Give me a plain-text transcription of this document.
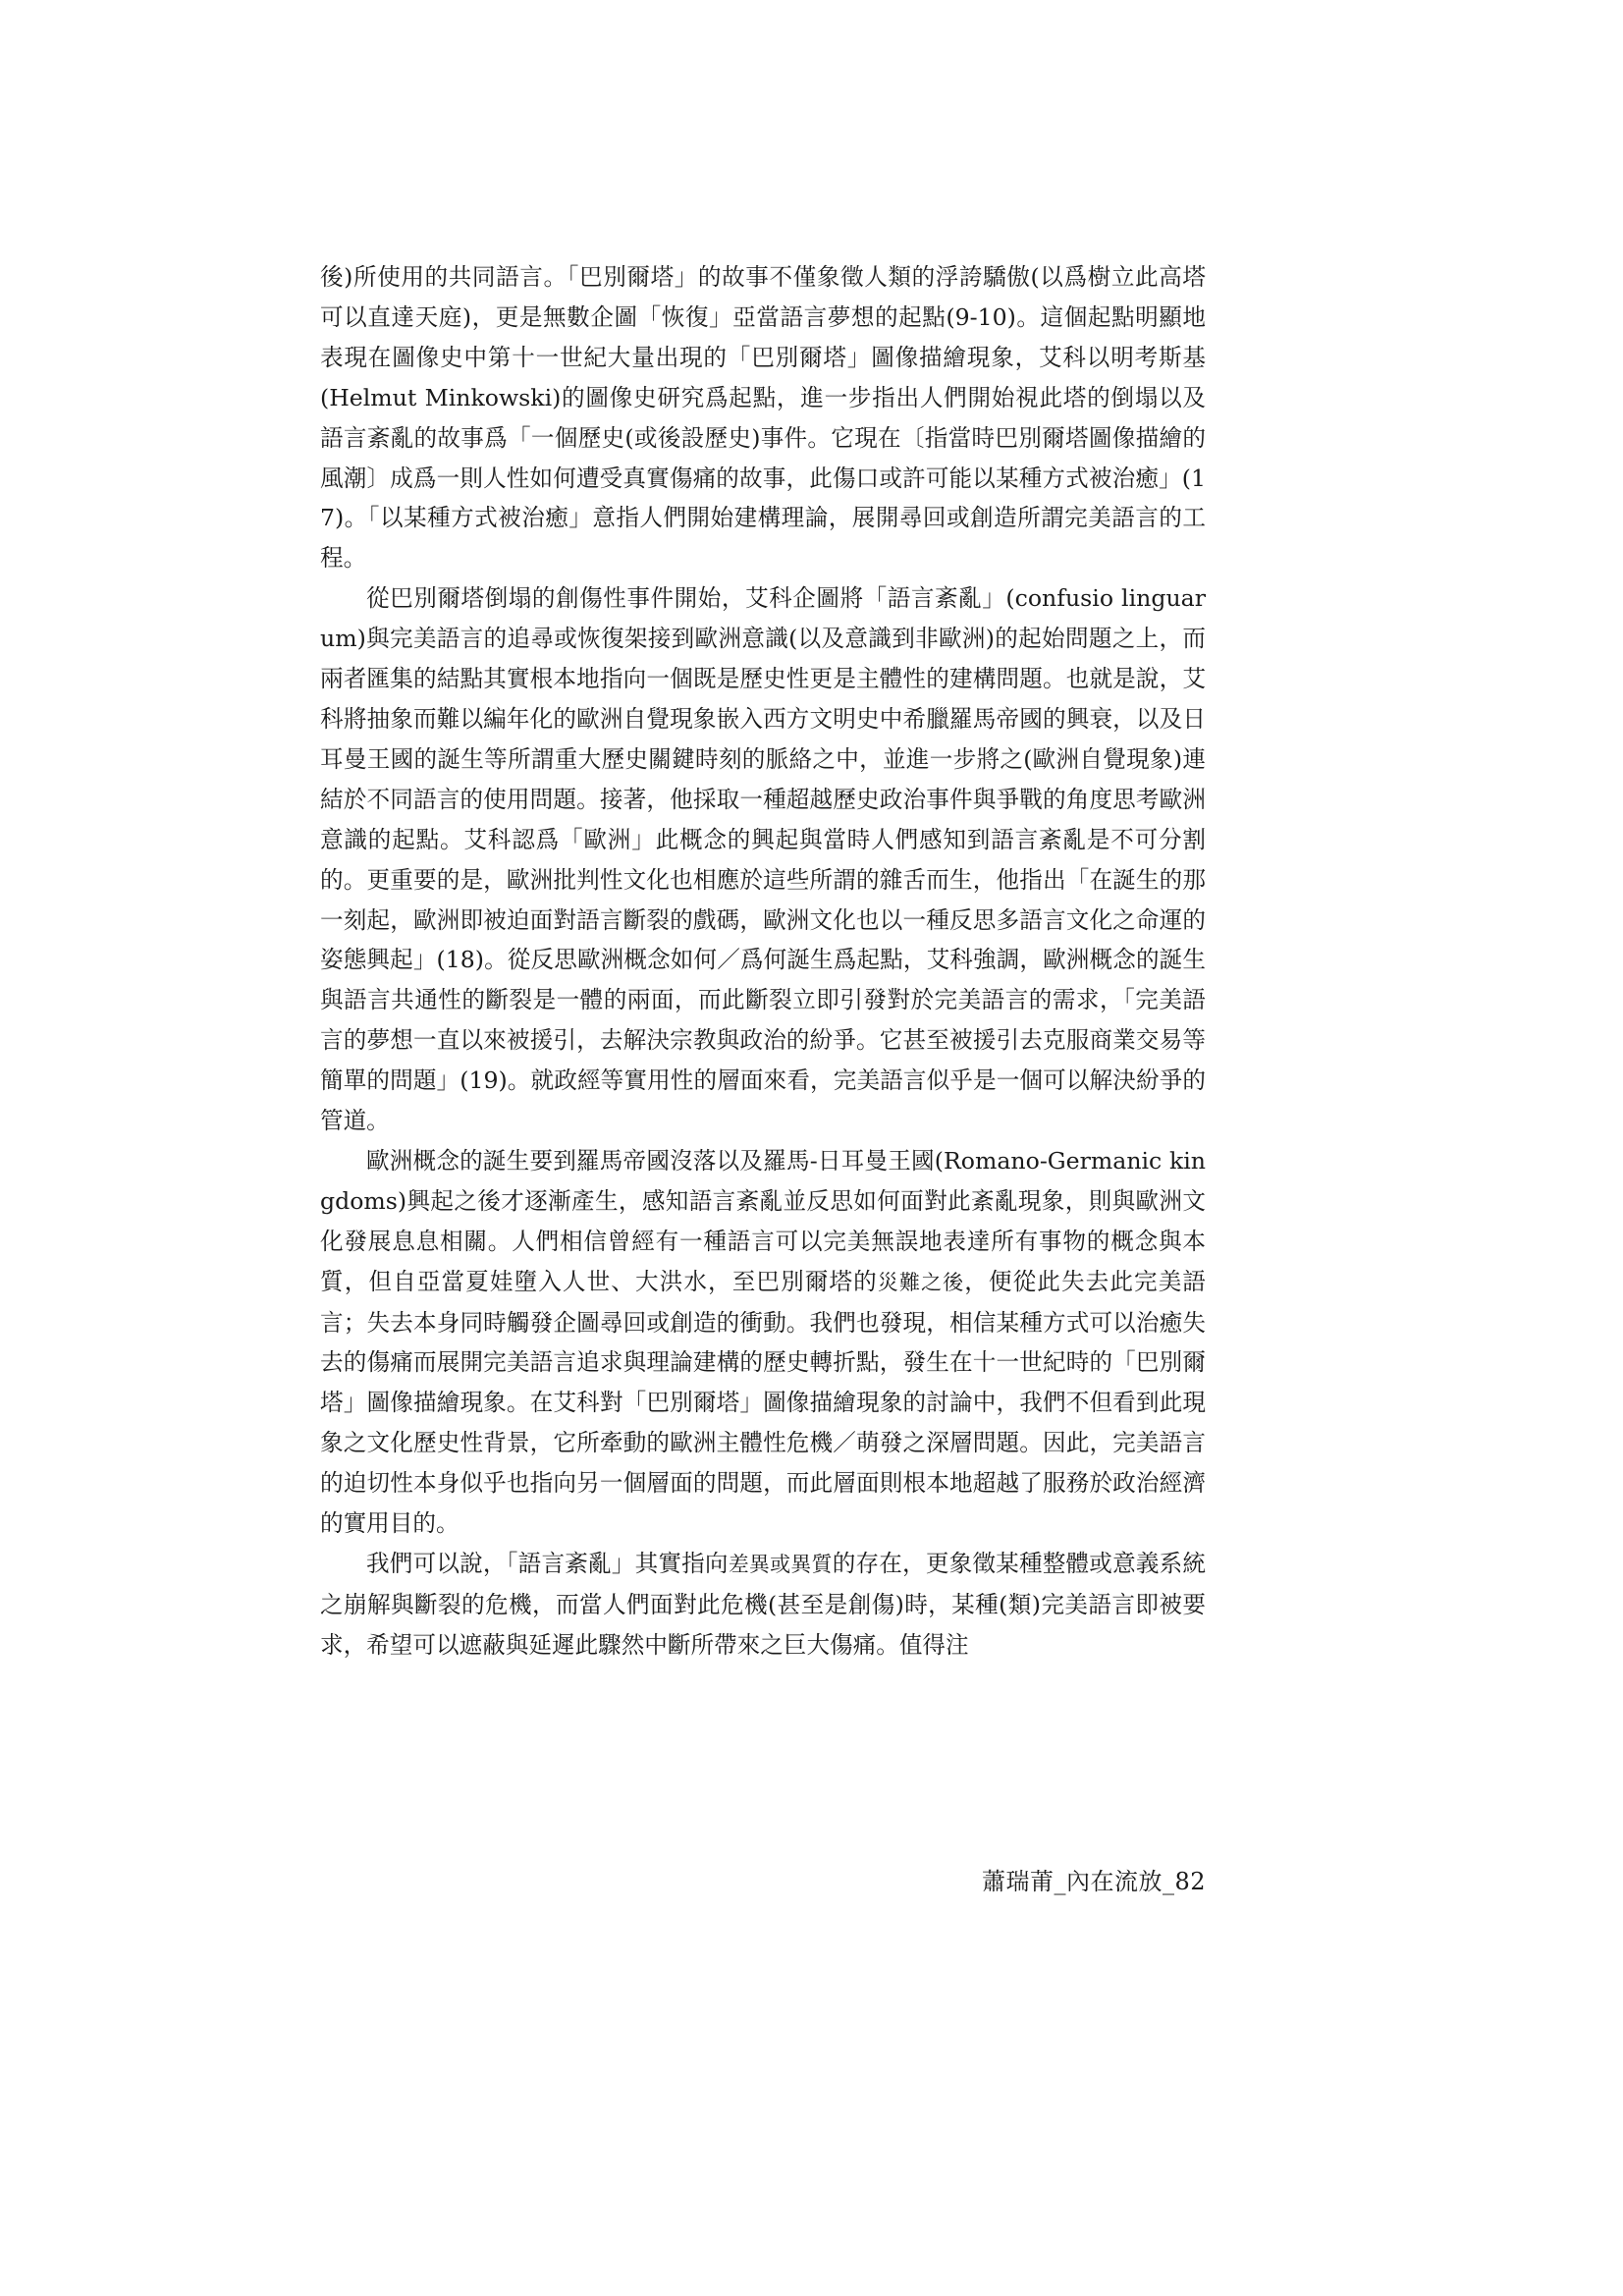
後)所使用的共同語言。「巴別爾塔」的故事不僅象徵人類的浮誇驕傲(以爲樹立此高塔可以直達天庭)，更是無數企圖「恢復」亞當語言夢想的起點(9-10)。這個起點明顯地表現在圖像史中第十一世紀大量出現的「巴別爾塔」圖像描繪現象，艾科以明考斯基(Helmut Minkowski)的圖像史研究爲起點，進一步指出人們開始視此塔的倒塌以及語言紊亂的故事爲「一個歷史(或後設歷史)事件。它現在〔指當時巴別爾塔圖像描繪的風潮〕成爲一則人性如何遭受真實傷痛的故事，此傷口或許可能以某種方式被治癒」(17)。「以某種方式被治癒」意指人們開始建構理論，展開尋回或創造所謂完美語言的工程。

從巴別爾塔倒塌的創傷性事件開始，艾科企圖將「語言紊亂」(confusio linguarum)與完美語言的追尋或恢復架接到歐洲意識(以及意識到非歐洲)的起始問題之上，而兩者匯集的結點其實根本地指向一個既是歷史性更是主體性的建構問題。也就是說，艾科將抽象而難以編年化的歐洲自覺現象嵌入西方文明史中希臘羅馬帝國的興衰，以及日耳曼王國的誕生等所謂重大歷史關鍵時刻的脈絡之中，並進一步將之(歐洲自覺現象)連結於不同語言的使用問題。接著，他採取一種超越歷史政治事件與爭戰的角度思考歐洲意識的起點。艾科認爲「歐洲」此概念的興起與當時人們感知到語言紊亂是不可分割的。更重要的是，歐洲批判性文化也相應於這些所謂的雜舌而生，他指出「在誕生的那一刻起，歐洲即被迫面對語言斷裂的戲碼，歐洲文化也以一種反思多語言文化之命運的姿態興起」(18)。從反思歐洲概念如何／爲何誕生爲起點，艾科強調，歐洲概念的誕生與語言共通性的斷裂是一體的兩面，而此斷裂立即引發對於完美語言的需求，「完美語言的夢想一直以來被援引，去解決宗教與政治的紛爭。它甚至被援引去克服商業交易等簡單的問題」(19)。就政經等實用性的層面來看，完美語言似乎是一個可以解決紛爭的管道。

歐洲概念的誕生要到羅馬帝國沒落以及羅馬-日耳曼王國(Romano-Germanic kingdoms)興起之後才逐漸產生，感知語言紊亂並反思如何面對此紊亂現象，則與歐洲文化發展息息相關。人們相信曾經有一種語言可以完美無誤地表達所有事物的概念與本質，但自亞當夏娃墮入人世、大洪水，至巴別爾塔的災難之後，便從此失去此完美語言；失去本身同時觸發企圖尋回或創造的衝動。我們也發現，相信某種方式可以治癒失去的傷痛而展開完美語言追求與理論建構的歷史轉折點，發生在十一世紀時的「巴別爾塔」圖像描繪現象。在艾科對「巴別爾塔」圖像描繪現象的討論中，我們不但看到此現象之文化歷史性背景，它所牽動的歐洲主體性危機／萌發之深層問題。因此，完美語言的迫切性本身似乎也指向另一個層面的問題，而此層面則根本地超越了服務於政治經濟的實用目的。

我們可以說，「語言紊亂」其實指向差異或異質的存在，更象徵某種整體或意義系統之崩解與斷裂的危機，而當人們面對此危機(甚至是創傷)時，某種(類)完美語言即被要求，希望可以遮蔽與延遲此驟然中斷所帶來之巨大傷痛。值得注

蕭瑞莆_內在流放_82
